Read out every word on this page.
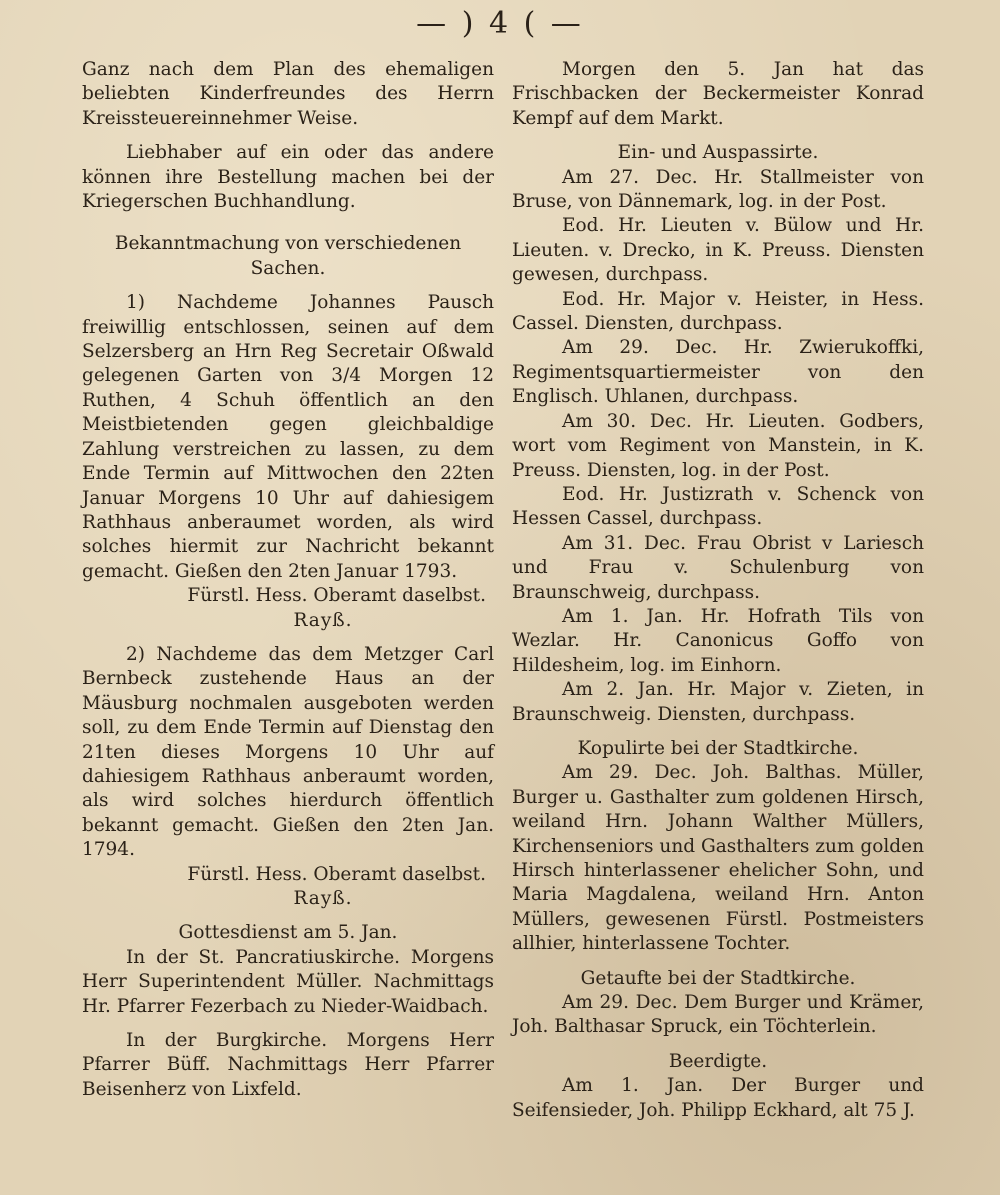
— ) 4 ( —

Ganz nach dem Plan des ehemaligen beliebten Kinderfreundes des Herrn Kreissteuereinnehmer Weise.

Liebhaber auf ein oder das andere können ihre Bestellung machen bei der Kriegerschen Buchhandlung.

Bekanntmachung von verschiedenen Sachen.

1) Nachdeme Johannes Pausch freiwillig entschlossen, seinen auf dem Selzersberg an Hrn Reg Secretair Oßwald gelegenen Garten von 3/4 Morgen 12 Ruthen, 4 Schuh öffentlich an den Meistbietenden gegen gleichbaldige Zahlung verstreichen zu lassen, zu dem Ende Termin auf Mittwochen den 22ten Januar Morgens 10 Uhr auf dahiesigem Rathhaus anberaumet worden, als wird solches hiermit zur Nachricht bekannt gemacht. Gießen den 2ten Januar 1793.

Fürstl. Hess. Oberamt daselbst.

Rayß.

2) Nachdeme das dem Metzger Carl Bernbeck zustehende Haus an der Mäusburg nochmalen ausgeboten werden soll, zu dem Ende Termin auf Dienstag den 21ten dieses Morgens 10 Uhr auf dahiesigem Rathhaus anberaumt worden, als wird solches hierdurch öffentlich bekannt gemacht. Gießen den 2ten Jan. 1794.

Fürstl. Hess. Oberamt daselbst.

Rayß.

Gottesdienst am 5. Jan.

In der St. Pancratiuskirche. Morgens Herr Superintendent Müller. Nachmittags Hr. Pfarrer Fezerbach zu Nieder-Waidbach.

In der Burgkirche. Morgens Herr Pfarrer Büff. Nachmittags Herr Pfarrer Beisenherz von Lixfeld.

Morgen den 5. Jan hat das Frischbacken der Beckermeister Konrad Kempf auf dem Markt.

Ein- und Auspassirte.

Am 27. Dec. Hr. Stallmeister von Bruse, von Dännemark, log. in der Post.

Eod. Hr. Lieuten v. Bülow und Hr. Lieuten. v. Drecko, in K. Preuss. Diensten gewesen, durchpass.

Eod. Hr. Major v. Heister, in Hess. Cassel. Diensten, durchpass.

Am 29. Dec. Hr. Zwierukoffki, Regimentsquartiermeister von den Englisch. Uhlanen, durchpass.

Am 30. Dec. Hr. Lieuten. Godbers, wort vom Regiment von Manstein, in K. Preuss. Diensten, log. in der Post.

Eod. Hr. Justizrath v. Schenck von Hessen Cassel, durchpass.

Am 31. Dec. Frau Obrist v Lariesch und Frau v. Schulenburg von Braunschweig, durchpass.

Am 1. Jan. Hr. Hofrath Tils von Wezlar. Hr. Canonicus Goffo von Hildesheim, log. im Einhorn.

Am 2. Jan. Hr. Major v. Zieten, in Braunschweig. Diensten, durchpass.

Kopulirte bei der Stadtkirche.

Am 29. Dec. Joh. Balthas. Müller, Burger u. Gasthalter zum goldenen Hirsch, weiland Hrn. Johann Walther Müllers, Kirchenseniors und Gasthalters zum golden Hirsch hinterlassener ehelicher Sohn, und Maria Magdalena, weiland Hrn. Anton Müllers, gewesenen Fürstl. Postmeisters allhier, hinterlassene Tochter.

Getaufte bei der Stadtkirche.

Am 29. Dec. Dem Burger und Krämer, Joh. Balthasar Spruck, ein Töchterlein.

Beerdigte.

Am 1. Jan. Der Burger und Seifensieder, Joh. Philipp Eckhard, alt 75 J.
